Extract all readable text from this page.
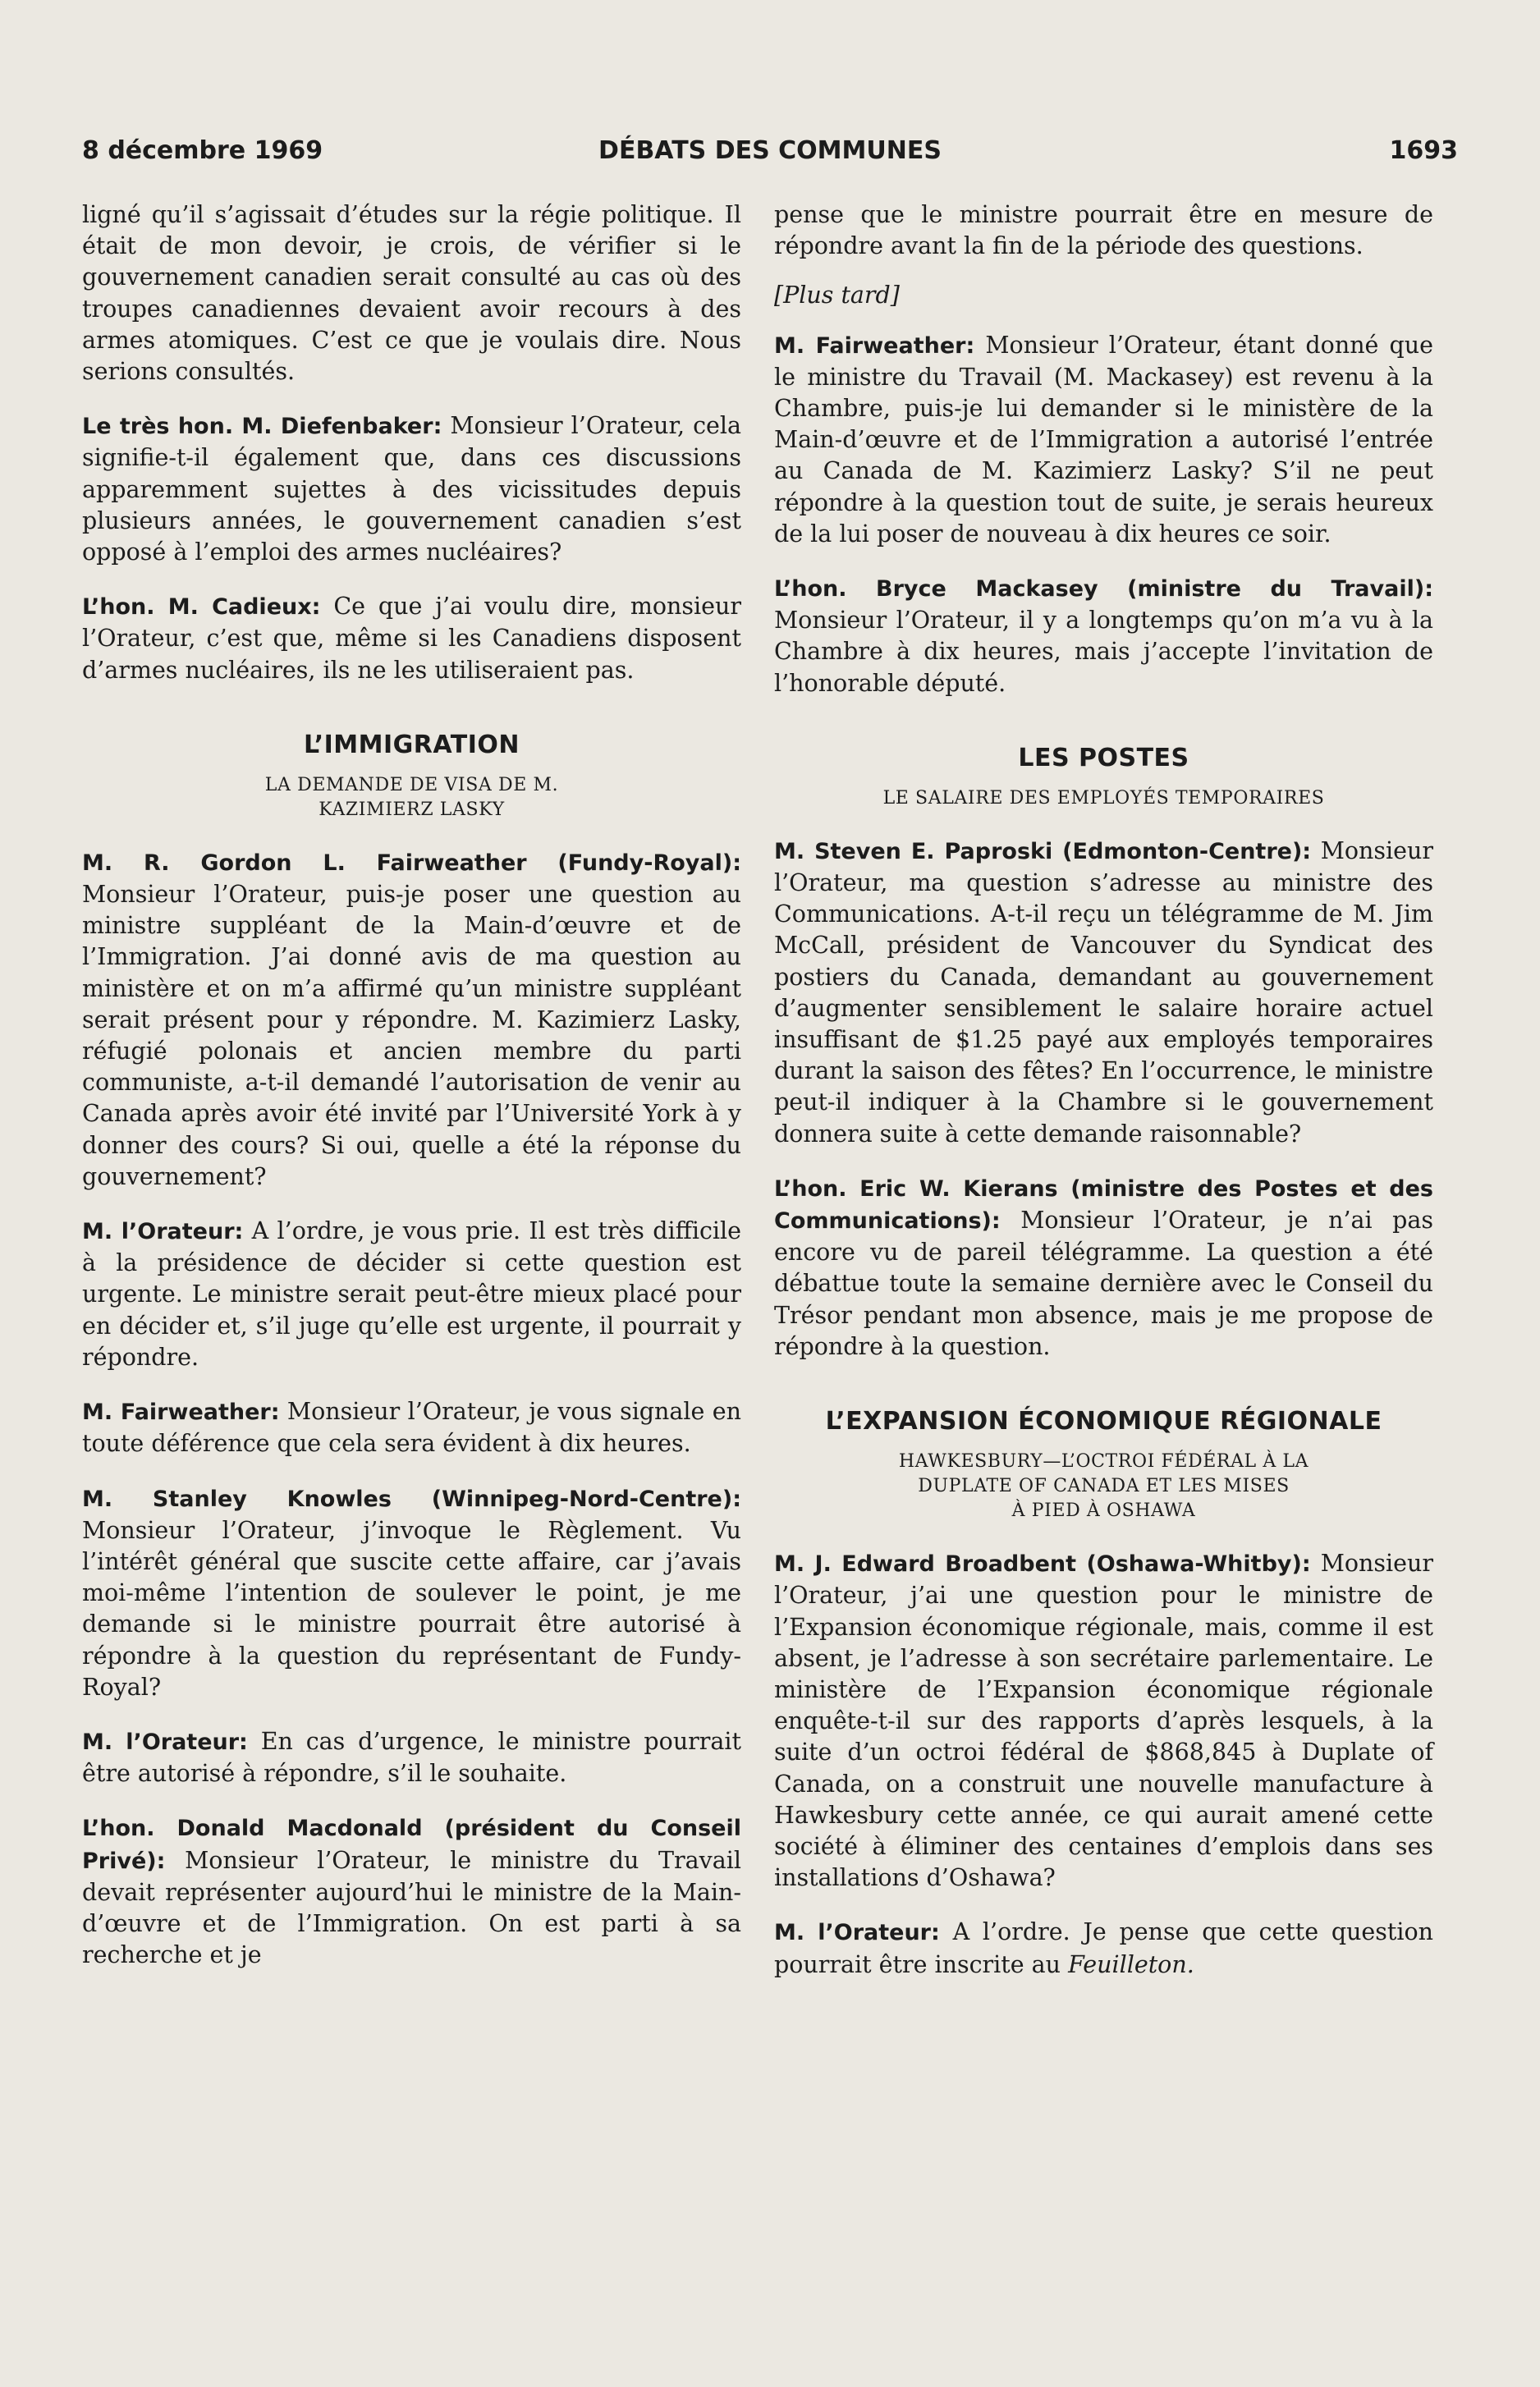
8 décembre 1969	DÉBATS DES COMMUNES	1693

ligné qu’il s’agissait d’études sur la régie politique. Il était de mon devoir, je crois, de vérifier si le gouvernement canadien serait consulté au cas où des troupes canadiennes devaient avoir recours à des armes atomiques. C’est ce que je voulais dire. Nous serions consultés.

Le très hon. M. Diefenbaker: Monsieur l’Orateur, cela signifie-t-il également que, dans ces discussions apparemment sujettes à des vicissitudes depuis plusieurs années, le gouvernement canadien s’est opposé à l’emploi des armes nucléaires?

L’hon. M. Cadieux: Ce que j’ai voulu dire, monsieur l’Orateur, c’est que, même si les Canadiens disposent d’armes nucléaires, ils ne les utiliseraient pas.

L’IMMIGRATION
LA DEMANDE DE VISA DE M.
KAZIMIERZ LASKY

M. R. Gordon L. Fairweather (Fundy-Royal): Monsieur l’Orateur, puis-je poser une question au ministre suppléant de la Main-d’œuvre et de l’Immigration. J’ai donné avis de ma question au ministère et on m’a affirmé qu’un ministre suppléant serait présent pour y répondre. M. Kazimierz Lasky, réfugié polonais et ancien membre du parti communiste, a-t-il demandé l’autorisation de venir au Canada après avoir été invité par l’Université York à y donner des cours? Si oui, quelle a été la réponse du gouvernement?

M. l’Orateur: A l’ordre, je vous prie. Il est très difficile à la présidence de décider si cette question est urgente. Le ministre serait peut-être mieux placé pour en décider et, s’il juge qu’elle est urgente, il pourrait y répondre.

M. Fairweather: Monsieur l’Orateur, je vous signale en toute déférence que cela sera évident à dix heures.

M. Stanley Knowles (Winnipeg-Nord-Centre): Monsieur l’Orateur, j’invoque le Règlement. Vu l’intérêt général que suscite cette affaire, car j’avais moi-même l’intention de soulever le point, je me demande si le ministre pourrait être autorisé à répondre à la question du représentant de Fundy-Royal?

M. l’Orateur: En cas d’urgence, le ministre pourrait être autorisé à répondre, s’il le souhaite.

L’hon. Donald Macdonald (président du Conseil Privé): Monsieur l’Orateur, le ministre du Travail devait représenter aujourd’hui le ministre de la Main-d’œuvre et de l’Immigration. On est parti à sa recherche et je

pense que le ministre pourrait être en mesure de répondre avant la fin de la période des questions.

[Plus tard]

M. Fairweather: Monsieur l’Orateur, étant donné que le ministre du Travail (M. Mackasey) est revenu à la Chambre, puis-je lui demander si le ministère de la Main-d’œuvre et de l’Immigration a autorisé l’entrée au Canada de M. Kazimierz Lasky? S’il ne peut répondre à la question tout de suite, je serais heureux de la lui poser de nouveau à dix heures ce soir.

L’hon. Bryce Mackasey (ministre du Travail): Monsieur l’Orateur, il y a longtemps qu’on m’a vu à la Chambre à dix heures, mais j’accepte l’invitation de l’honorable député.

LES POSTES
LE SALAIRE DES EMPLOYÉS TEMPORAIRES

M. Steven E. Paproski (Edmonton-Centre): Monsieur l’Orateur, ma question s’adresse au ministre des Communications. A-t-il reçu un télégramme de M. Jim McCall, président de Vancouver du Syndicat des postiers du Canada, demandant au gouvernement d’augmenter sensiblement le salaire horaire actuel insuffisant de $1.25 payé aux employés temporaires durant la saison des fêtes? En l’occurrence, le ministre peut-il indiquer à la Chambre si le gouvernement donnera suite à cette demande raisonnable?

L’hon. Eric W. Kierans (ministre des Postes et des Communications): Monsieur l’Orateur, je n’ai pas encore vu de pareil télégramme. La question a été débattue toute la semaine dernière avec le Conseil du Trésor pendant mon absence, mais je me propose de répondre à la question.

L’EXPANSION ÉCONOMIQUE RÉGIONALE
HAWKESBURY—L’OCTROI FÉDÉRAL À LA
DUPLATE OF CANADA ET LES MISES
À PIED À OSHAWA

M. J. Edward Broadbent (Oshawa-Whitby): Monsieur l’Orateur, j’ai une question pour le ministre de l’Expansion économique régionale, mais, comme il est absent, je l’adresse à son secrétaire parlementaire. Le ministère de l’Expansion économique régionale enquête-t-il sur des rapports d’après lesquels, à la suite d’un octroi fédéral de $868,845 à Duplate of Canada, on a construit une nouvelle manufacture à Hawkesbury cette année, ce qui aurait amené cette société à éliminer des centaines d’emplois dans ses installations d’Oshawa?

M. l’Orateur: A l’ordre. Je pense que cette question pourrait être inscrite au Feuilleton.
